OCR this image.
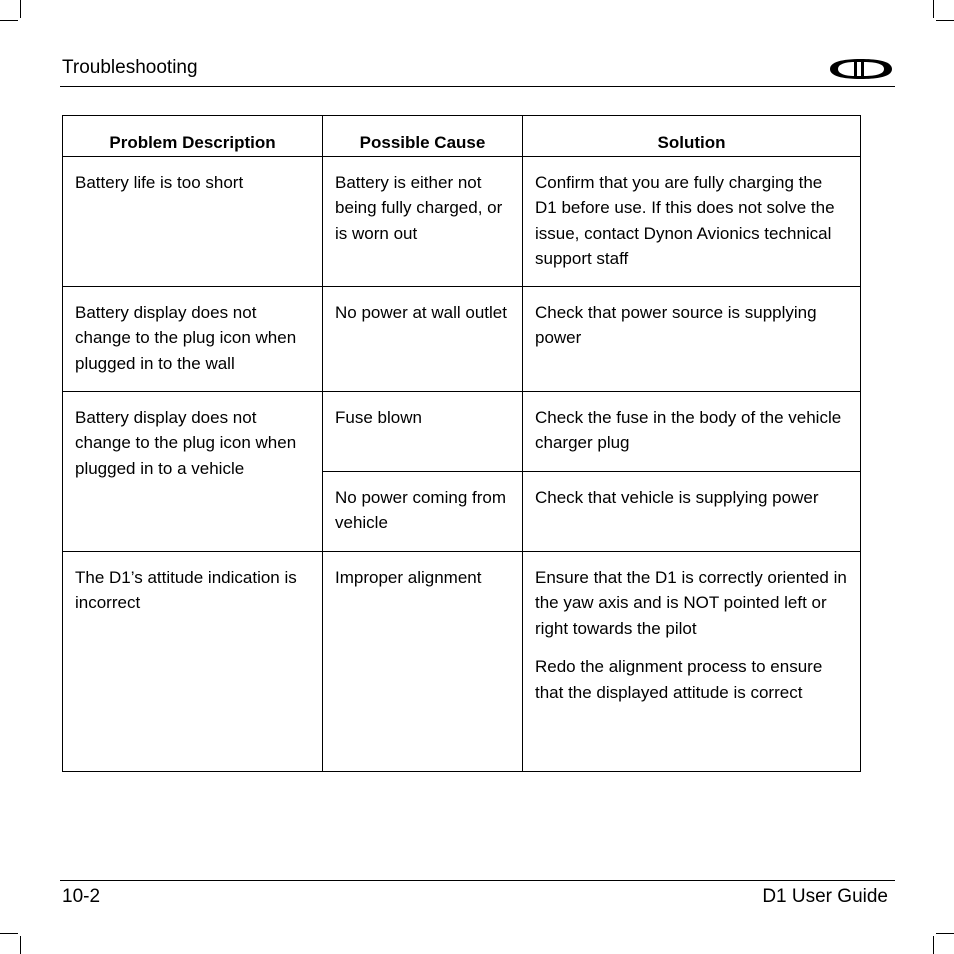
Troubleshooting
Problem Description	Possible Cause	Solution
Battery life is too short	Battery is either not being fully charged, or is worn out	Confirm that you are fully charging the D1 before use. If this does not solve the issue, contact Dynon Avionics technical support staff
Battery display does not change to the plug icon when plugged in to the wall	No power at wall outlet	Check that power source is supplying power
Battery display does not change to the plug icon when plugged in to a vehicle	Fuse blown	Check the fuse in the body of the vehicle charger plug
	No power coming from vehicle	Check that vehicle is supplying power
The D1’s attitude indication is incorrect	Improper alignment	Ensure that the D1 is correctly oriented in the yaw axis and is NOT pointed left or right towards the pilot

Redo the alignment process to ensure that the displayed attitude is correct

10-2	D1 User Guide
